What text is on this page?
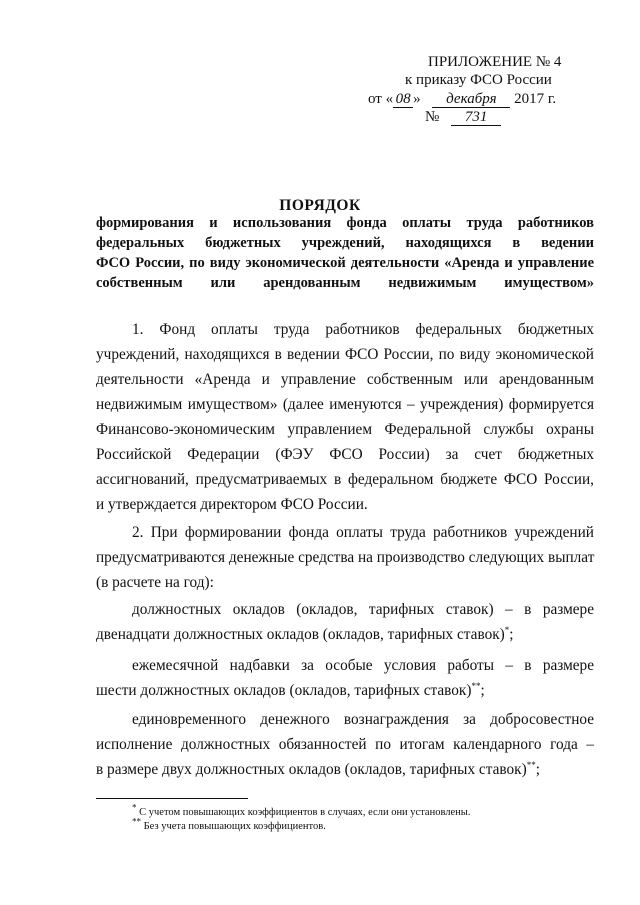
ПРИЛОЖЕНИЕ № 4
к приказу ФСО России
от « 08 » декабря 2017 г.
№ 731
ПОРЯДОК
формирования и использования фонда оплаты труда работников
федеральных бюджетных учреждений, находящихся в ведении
ФСО России, по виду экономической деятельности «Аренда и управление
собственным или арендованным недвижимым имуществом»
1. Фонд оплаты труда работников федеральных бюджетных
учреждений, находящихся в ведении ФСО России, по виду экономической
деятельности «Аренда и управление собственным или арендованным
недвижимым имуществом» (далее именуются – учреждения) формируется
Финансово-экономическим управлением Федеральной службы охраны
Российской Федерации (ФЭУ ФСО России) за счет бюджетных
ассигнований, предусматриваемых в федеральном бюджете ФСО России,
и утверждается директором ФСО России.
2. При формировании фонда оплаты труда работников учреждений
предусматриваются денежные средства на производство следующих выплат
(в расчете на год):
должностных окладов (окладов, тарифных ставок) – в размере
двенадцати должностных окладов (окладов, тарифных ставок)*;
ежемесячной надбавки за особые условия работы – в размере
шести должностных окладов (окладов, тарифных ставок)**;
единовременного денежного вознаграждения за добросовестное
исполнение должностных обязанностей по итогам календарного года –
в размере двух должностных окладов (окладов, тарифных ставок)**;
* С учетом повышающих коэффициентов в случаях, если они установлены.
** Без учета повышающих коэффициентов.
